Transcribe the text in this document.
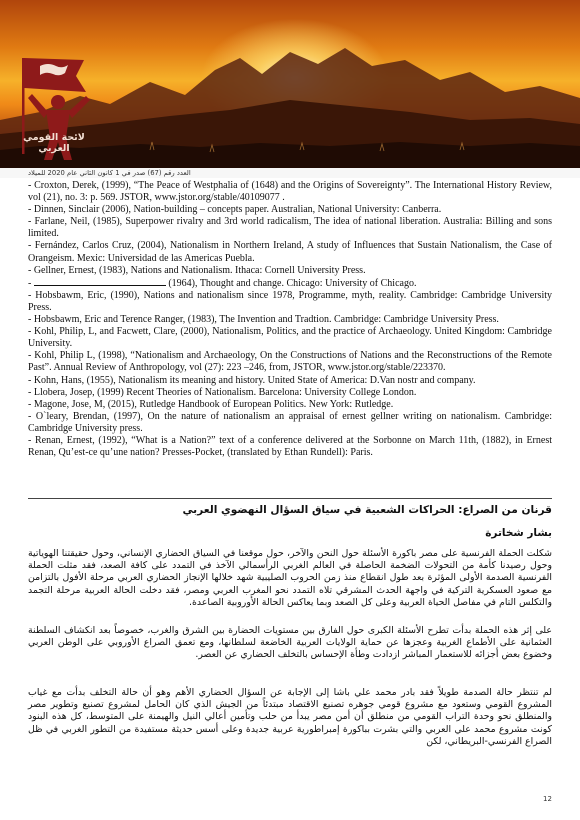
لائحة القومي العربي
العدد رقم (67) صدر في 1 كانون الثاني عام 2020 للميلاد

- Croxton, Derek, (1999), “The Peace of Westphalia of (1648) and the Origins of Sovereignty”. The International History Review, vol (21), no. 3: p. 569. JSTOR, www.jstor.org/stable/40109077 .

- Dinnen, Sinclair (2006), Nation-building – concepts paper. Australian, National University: Canberra.

- Farlane, Neil, (1985), Superpower rivalry and 3rd world radicalism, The idea of national liberation. Australia: Billing and sons limited.

- Fernández, Carlos Cruz, (2004), Nationalism in Northern Ireland, A study of Influences that Sustain Nationalism, the Case of Orangeism. Mexic: Universidad de las Americas Puebla.

- Gellner, Ernest, (1983), Nations and Nationalism. Ithaca: Cornell University Press.

-	(1964), Thought and change. Chicago: University of Chicago.

- Hobsbawm, Eric, (1990), Nations and nationalism since 1978, Programme, myth, reality. Cambridge: Cambridge University Press.

- Hobsbawm, Eric and Terence Ranger, (1983), The Invention and Tradtion. Cambridge: Cambridge University Press.

- Kohl, Philip, L, and Facwett, Clare, (2000), Nationalism, Politics, and the practice of Archaeology. United Kingdom: Cambridge University.

- Kohl, Philip L, (1998), “Nationalism and Archaeology, On the Constructions of Nations and the Reconstructions of the Remote Past”. Annual Review of Anthropology, vol (27): 223 –246, from, JSTOR, www.jstor.org/stable/223370.

- Kohn, Hans, (1955), Nationalism its meaning and history. United State of America: D.Van nostr and company.

- Llobera, Josep, (1999) Recent Theories of Nationalism. Barcelona: University College London.

- Magone, Jose, M, (2015), Rutledge Handbook of European Politics. New York: Rutledge.

- O`leary, Brendan, (1997), On the nature of nationalism an appraisal of ernest gellner writing on nationalism. Cambridge: Cambridge University press.

- Renan, Ernest, (1992), “What is a Nation?” text of a conference delivered at the Sorbonne on March 11th, (1882), in Ernest Renan, Qu’est-ce qu’une nation? Presses-Pocket, (translated by Ethan Rundell): Paris.

قرنان من الصراع: الحراكات الشعبية في سياق السؤال النهضوي العربي
بشار شخاترة
شكلت الحملة الفرنسية على مصر باكورة الأسئلة حول النحن والآخر، حول موقعنا في السياق الحضاري الإنساني، وحول حقيقتنا الهوياتية وحول رصيدنا كأمة من التحولات الضخمة الحاصلة في العالم الغربي الرأسمالي الآخذ في التمدد على كافة الصعد، فقد مثلت الحملة الفرنسية الصدمة الأولى المؤثرة بعد طول انقطاع منذ زمن الحروب الصليبية شهد خلالها الإنجاز الحضاري العربي مرحلة الأفول بالتزامن مع صعود العسكرية التركية في واجهة الحدث المشرقي تلاه التمدد نحو المغرب العربي ومصر، فقد دخلت الحالة العربية مرحلة التجمد والتكلس التام في مفاصل الحياة العربية وعلى كل الصعد وبما يعاكس الحالة الأوروبية الصاعدة.
على إثر هذه الحملة بدأت تطرح الأسئلة الكبرى حول الفارق بين مستويات الحضارة بين الشرق والغرب، خصوصاً بعد انكشاف السلطنة العثمانية على الأطماع الغربية وعجزها عن حماية الولايات العربية الخاضعة لسلطانها، ومع تعمق الصراع الأوروبي على الوطن العربي وخضوع بعض أجزائه للاستعمار المباشر ازدادت وطأة الإحساس بالتخلف الحضاري عن العصر.
لم تنتظر حالة الصدمة طويلاً فقد بادر محمد علي باشا إلى الإجابة عن السؤال الحضاري الأهم وهو أن حالة التخلف بدأت مع غياب المشروع القومي وستعود مع مشروع قومي جوهره تصنيع الاقتصاد مبتدئاً من الجيش الذي كان الحامل لمشروع تصنيع وتطوير مصر والمنطلق نحو وحدة التراب القومي من منطلق أن أمن مصر يبدأ من حلب وتأمين أعالي النيل والهيمنة على المتوسط، كل هذه البنود كونت مشروع محمد علي العربي والتي بشرت بباكورة إمبراطورية عربية جديدة وعلى أسس حديثة مستفيدة من التطور الغربي في ظل الصراع الفرنسي-البريطاني، لكن
12
